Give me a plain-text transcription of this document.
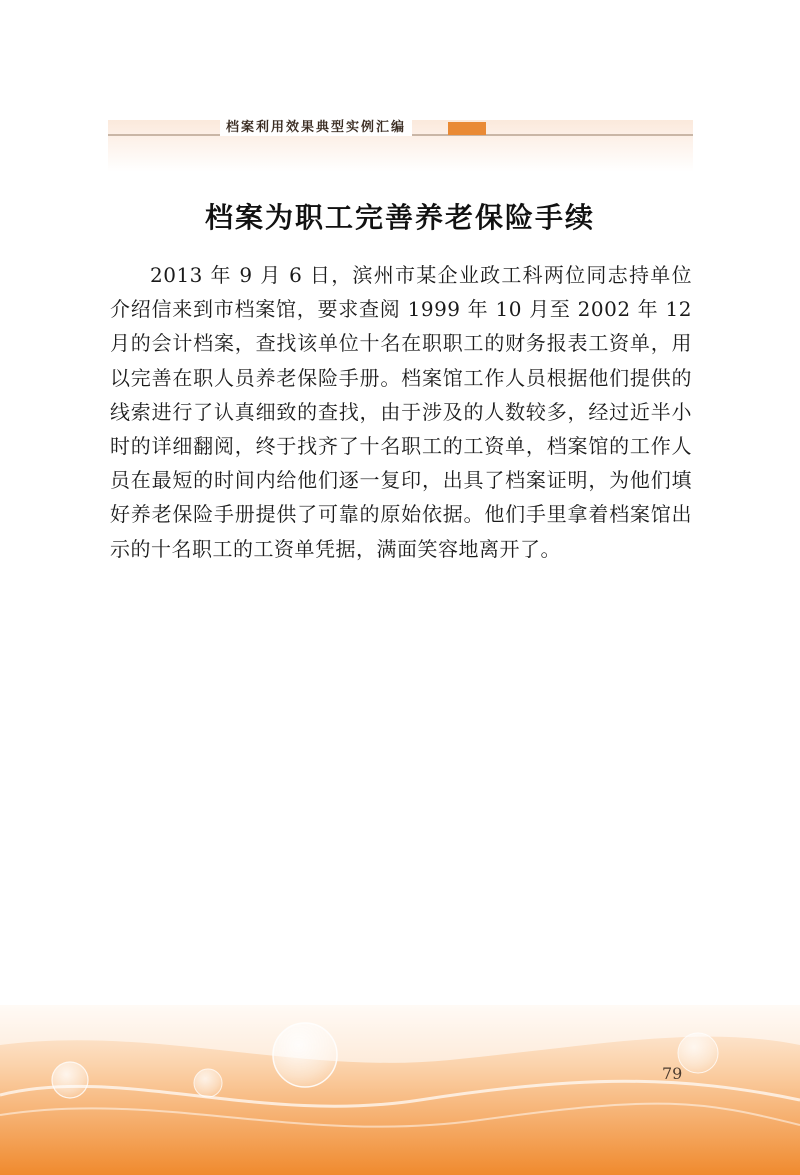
档案利用效果典型实例汇编
档案为职工完善养老保险手续

2013 年 9 月 6 日，滨州市某企业政工科两位同志持单位介绍信来到市档案馆，要求查阅 1999 年 10 月至 2002 年 12 月的会计档案，查找该单位十名在职职工的财务报表工资单，用以完善在职人员养老保险手册。档案馆工作人员根据他们提供的线索进行了认真细致的查找，由于涉及的人数较多，经过近半小时的详细翻阅，终于找齐了十名职工的工资单，档案馆的工作人员在最短的时间内给他们逐一复印，出具了档案证明，为他们填好养老保险手册提供了可靠的原始依据。他们手里拿着档案馆出示的十名职工的工资单凭据，满面笑容地离开了。

79
